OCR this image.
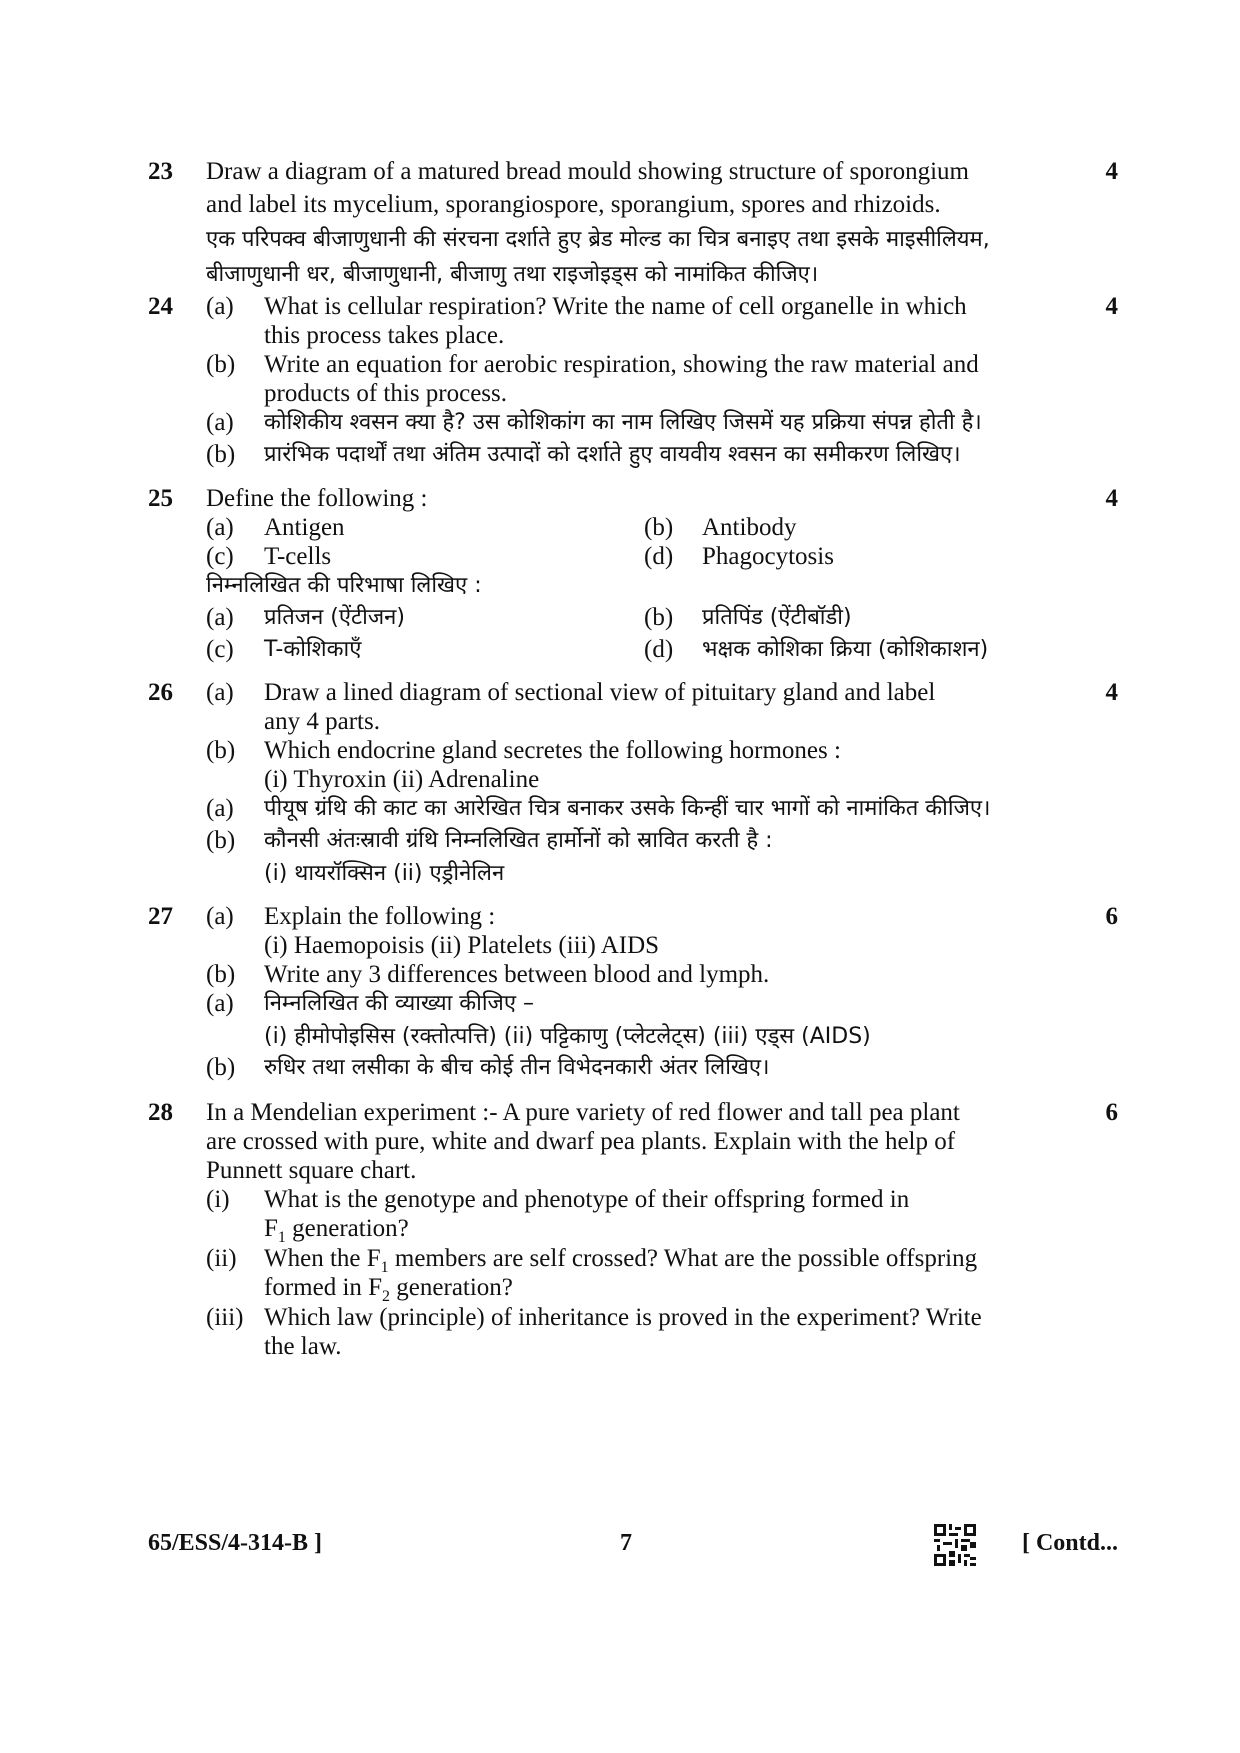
23 Draw a diagram of a matured bread mould showing structure of sporongium
and label its mycelium, sporangiospore, sporangium, spores and rhizoids.
एक परिपक्व बीजाणुधानी की संरचना दर्शाते हुए ब्रेड मोल्ड का चित्र बनाइए तथा इसके माइसीलियम,
बीजाणुधानी धर, बीजाणुधानी, बीजाणु तथा राइजोइड्स को नामांकित कीजिए।
4
24 (a)	What is cellular respiration? Write the name of cell organelle in which
this process takes place.
(b)	Write an equation for aerobic respiration, showing the raw material and
products of this process.
(a)	कोशिकीय श्वसन क्या है? उस कोशिकांग का नाम लिखिए जिसमें यह प्रक्रिया संपन्न होती है।
(b)	प्रारंभिक पदार्थों तथा अंतिम उत्पादों को दर्शाते हुए वायवीय श्वसन का समीकरण लिखिए।
4
25 Define the following :
(a)	Antigen	(b) Antibody
(c)	T-cells	(d) Phagocytosis
निम्नलिखित की परिभाषा लिखिए :
(a)	प्रतिजन (ऐंटीजन)	(b) प्रतिपिंड (ऐंटीबॉडी)
(c)	T-कोशिकाएँ	(d) भक्षक कोशिका क्रिया (कोशिकाशन)
4
26 (a)	Draw a lined diagram of sectional view of pituitary gland and label
any 4 parts.
(b)	Which endocrine gland secretes the following hormones :
(i) Thyroxin (ii) Adrenaline
(a)	पीयूष ग्रंथि की काट का आरेखित चित्र बनाकर उसके किन्हीं चार भागों को नामांकित कीजिए।
(b)	कौनसी अंतःस्रावी ग्रंथि निम्नलिखित हार्मोनों को स्रावित करती है :
(i) थायरॉक्सिन (ii) एड्रीनेलिन
4
27 (a)	Explain the following :
(i) Haemopoisis (ii) Platelets (iii) AIDS
(b)	Write any 3 differences between blood and lymph.
(a)	निम्नलिखित की व्याख्या कीजिए –
(i) हीमोपोइसिस (रक्तोत्पत्ति) (ii) पट्टिकाणु (प्लेटलेट्स) (iii) एड्स (AIDS)
(b)	रुधिर तथा लसीका के बीच कोई तीन विभेदनकारी अंतर लिखिए।
6
28 In a Mendelian experiment :- A pure variety of red flower and tall pea plant
are crossed with pure, white and dwarf pea plants. Explain with the help of
Punnett square chart.
(i)	What is the genotype and phenotype of their offspring formed in
$F_1$ generation?
(ii)	When the $F_1$ members are self crossed? What are the possible offspring
formed in $F_2$ generation?
(iii) Which law (principle) of inheritance is proved in the experiment? Write
the law.
6
65/ESS/4-314-B ]	7	[ Contd...
